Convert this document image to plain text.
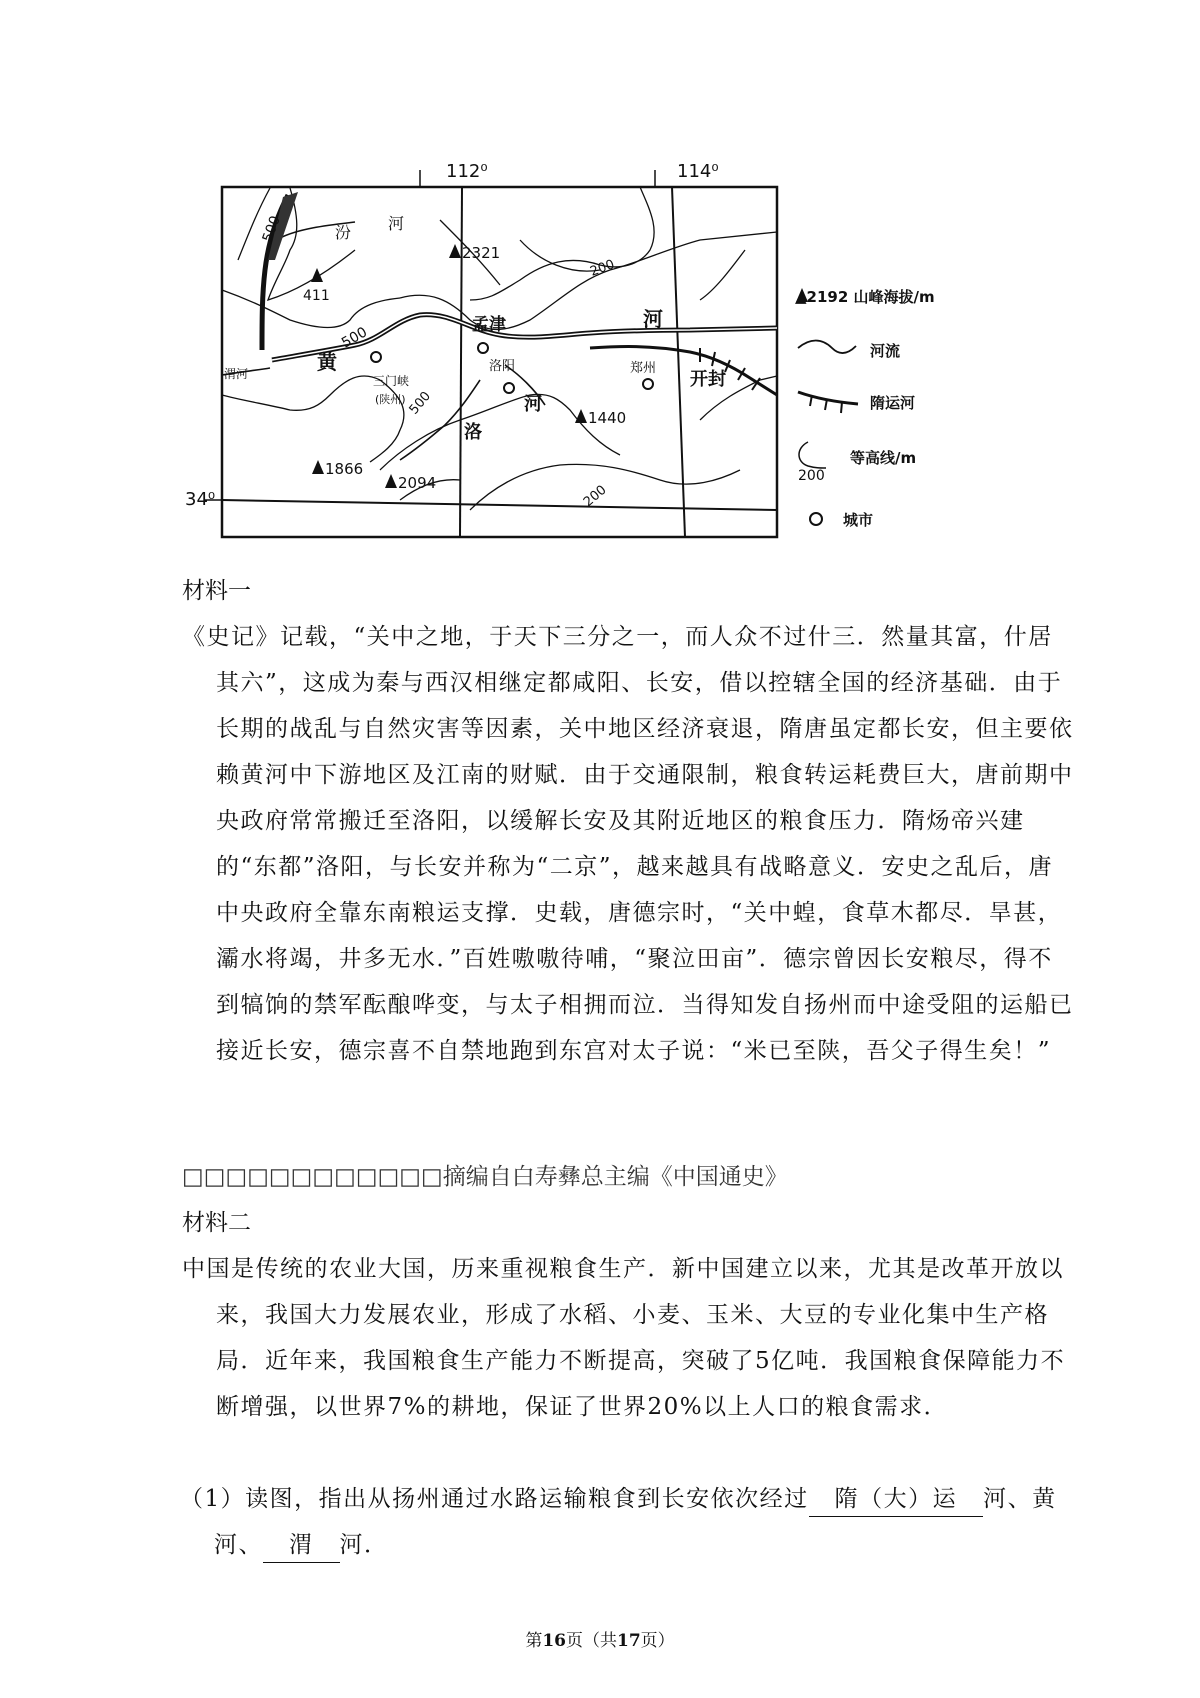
112⁰	114⁰
34⁰
411
2321
1440
1866
2094
500
500
500
200
200
汾 河
黄
河
洛
河
渭河
孟津
三门峡
(陕州)
洛阳	郑州
开封
▲2192 山峰海拔/m
河流
隋运河
200
等高线/m
城市
材料一
《史记》记载，“关中之地，于天下三分之一，而人众不过什三．然量其富，什居其六”，这成为秦与西汉相继定都咸阳、长安，借以控辖全国的经济基础．由于长期的战乱与自然灾害等因素，关中地区经济衰退，隋唐虽定都长安，但主要依赖黄河中下游地区及江南的财赋．由于交通限制，粮食转运耗费巨大，唐前期中央政府常常搬迁至洛阳，以缓解长安及其附近地区的粮食压力．隋炀帝兴建的“东都”洛阳，与长安并称为“二京”，越来越具有战略意义．安史之乱后，唐中央政府全靠东南粮运支撑．史载，唐德宗时，“关中蝗，食草木都尽．旱甚，灞水将竭，井多无水．”百姓嗷嗷待哺，“聚泣田亩”．德宗曾因长安粮尽，得不到犒饷的禁军酝酿哗变，与太子相拥而泣．当得知发自扬州而中途受阻的运船已接近长安，德宗喜不自禁地跑到东宫对太子说：“米已至陕，吾父子得生矣！”
□□□□□□□□□□□□摘编自白寿彝总主编《中国通史》
材料二
中国是传统的农业大国，历来重视粮食生产．新中国建立以来，尤其是改革开放以来，我国大力发展农业，形成了水稻、小麦、玉米、大豆的专业化集中生产格局．近年来，我国粮食生产能力不断提高，突破了5亿吨．我国粮食保障能力不断增强，以世界7%的耕地，保证了世界20%以上人口的粮食需求．
（1）读图，指出从扬州通过水路运输粮食到长安依次经过 隋（大）运 河、黄河、 渭 河．
第16页（共17页）
